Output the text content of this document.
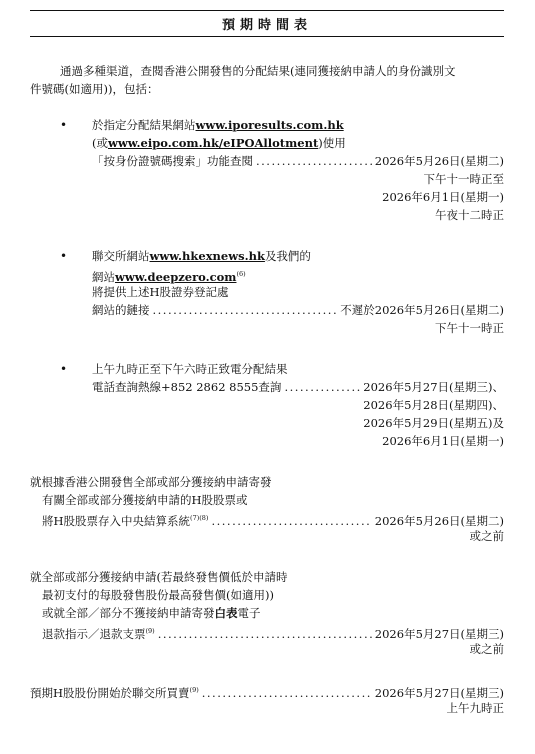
預期時間表
通過多種渠道，查閱香港公開發售的分配結果(連同獲接納申請人的身份識別文
件號碼(如適用))，包括：
• 於指定分配結果網站www.iporesults.com.hk
(或www.eipo.com.hk/eIPOAllotment)使用
「按身份證號碼搜索」功能查閱 .....	2026年5月26日(星期二)
下午十一時正至
2026年6月1日(星期一)
午夜十二時正
• 聯交所網站www.hkexnews.hk及我們的
網站www.deepzero.com$^{(6)}$
將提供上述H股證券登記處
網站的鏈接 .....	不遲於2026年5月26日(星期二)
下午十一時正
• 上午九時正至下午六時正致電分配結果
電話查詢熱線+852 2862 8555查詢 .....	2026年5月27日(星期三)、
2026年5月28日(星期四)、
2026年5月29日(星期五)及
2026年6月1日(星期一)
就根據香港公開發售全部或部分獲接納申請寄發
有關全部或部分獲接納申請的H股股票或
將H股股票存入中央結算系統$^{(7)(8)}$ .....	2026年5月26日(星期二)
或之前
就全部或部分獲接納申請(若最終發售價低於申請時
最初支付的每股發售股份最高發售價(如適用))
或就全部／部分不獲接納申請寄發白表電子
退款指示／退款支票$^{(9)}$ .....	2026年5月27日(星期三)
或之前
預期H股股份開始於聯交所買賣$^{(9)}$ .....	2026年5月27日(星期三)
上午九時正
